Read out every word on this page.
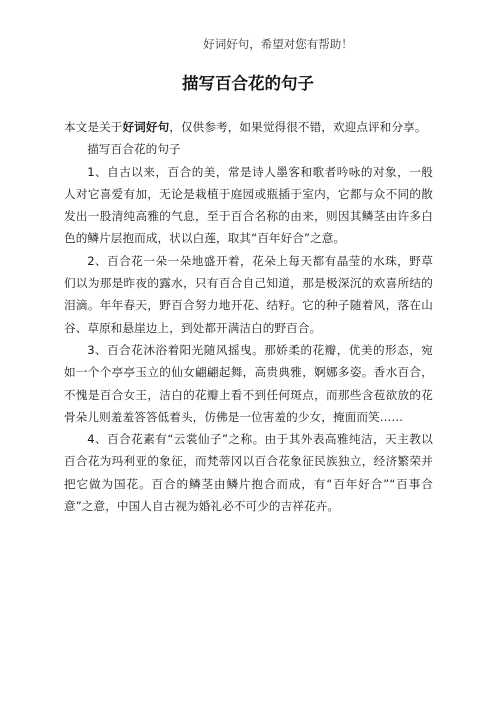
好词好句，希望对您有帮助！
描写百合花的句子

本文是关于好词好句，仅供参考，如果觉得很不错，欢迎点评和分享。

描写百合花的句子

1、自古以来，百合的美，常是诗人墨客和歌者吟咏的对象，一般人对它喜爱有加，无论是栽植于庭园或瓶插于室内，它都与众不同的散发出一股清纯高雅的气息，至于百合名称的由来，则因其鳞茎由许多白色的鳞片层抱而成，状以白莲，取其“百年好合”之意。

2、百合花一朵一朵地盛开着，花朵上每天都有晶莹的水珠，野草们以为那是昨夜的露水，只有百合自己知道，那是极深沉的欢喜所结的泪滴。年年春天，野百合努力地开花、结籽。它的种子随着风，落在山谷、草原和悬崖边上，到处都开满洁白的野百合。

3、百合花沐浴着阳光随风摇曳。那娇柔的花瓣，优美的形态，宛如一个个亭亭玉立的仙女翩翩起舞，高贵典雅，婀娜多姿。香水百合，不愧是百合女王，洁白的花瓣上看不到任何斑点，而那些含苞欲放的花骨朵儿则羞羞答答低着头，仿佛是一位害羞的少女，掩面而笑……

4、百合花素有“云裳仙子”之称。由于其外表高雅纯洁，天主教以百合花为玛利亚的象征，而梵蒂冈以百合花象征民族独立，经济繁荣并把它做为国花。百合的鳞茎由鳞片抱合而成，有“百年好合”“百事合意”之意，中国人自古视为婚礼必不可少的吉祥花卉。
